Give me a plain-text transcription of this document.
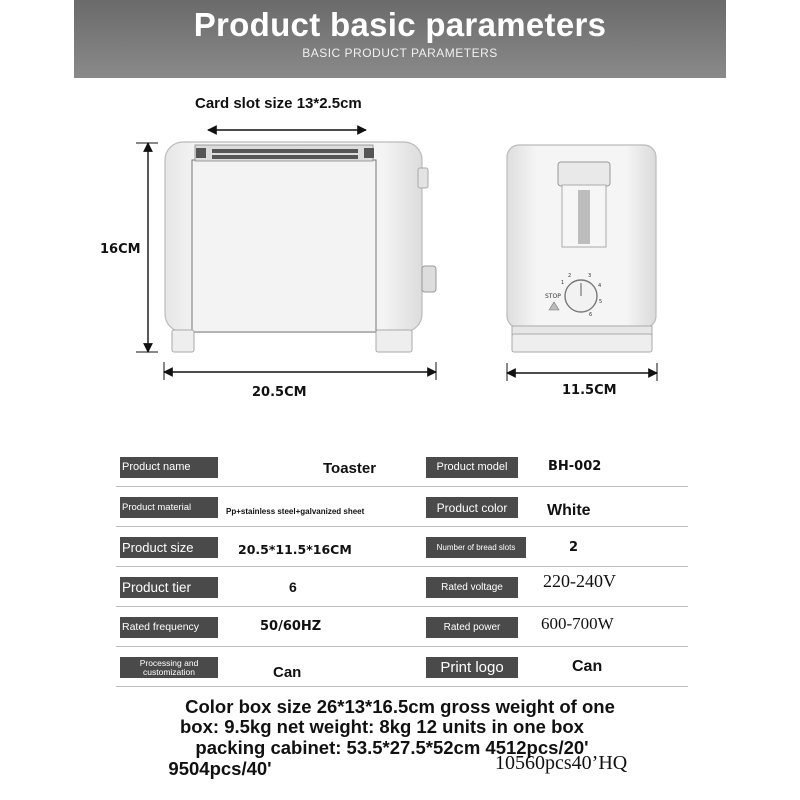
Product basic parameters
BASIC PRODUCT PARAMETERS
Card slot size 13*2.5cm
STOP
1
2	3
4
5
6
16CM
20.5CM	11.5CM
Product name	Toaster	Product model	BH-002
Product material	Pp+stainless steel+galvanized sheet	Product color	White
Product size	20.5*11.5*16CM	Number of bread slots	2
Product tier	6	Rated voltage	220-240V
Rated frequency	50/60HZ	Rated power	600-700W
Processing and customization	Can	Print logo	Can
Color box size 26*13*16.5cm gross weight of one
box: 9.5kg net weight: 8kg 12 units in one box
packing cabinet: 53.5*27.5*52cm 4512pcs/20'
9504pcs/40'	10560pcs40’HQ
